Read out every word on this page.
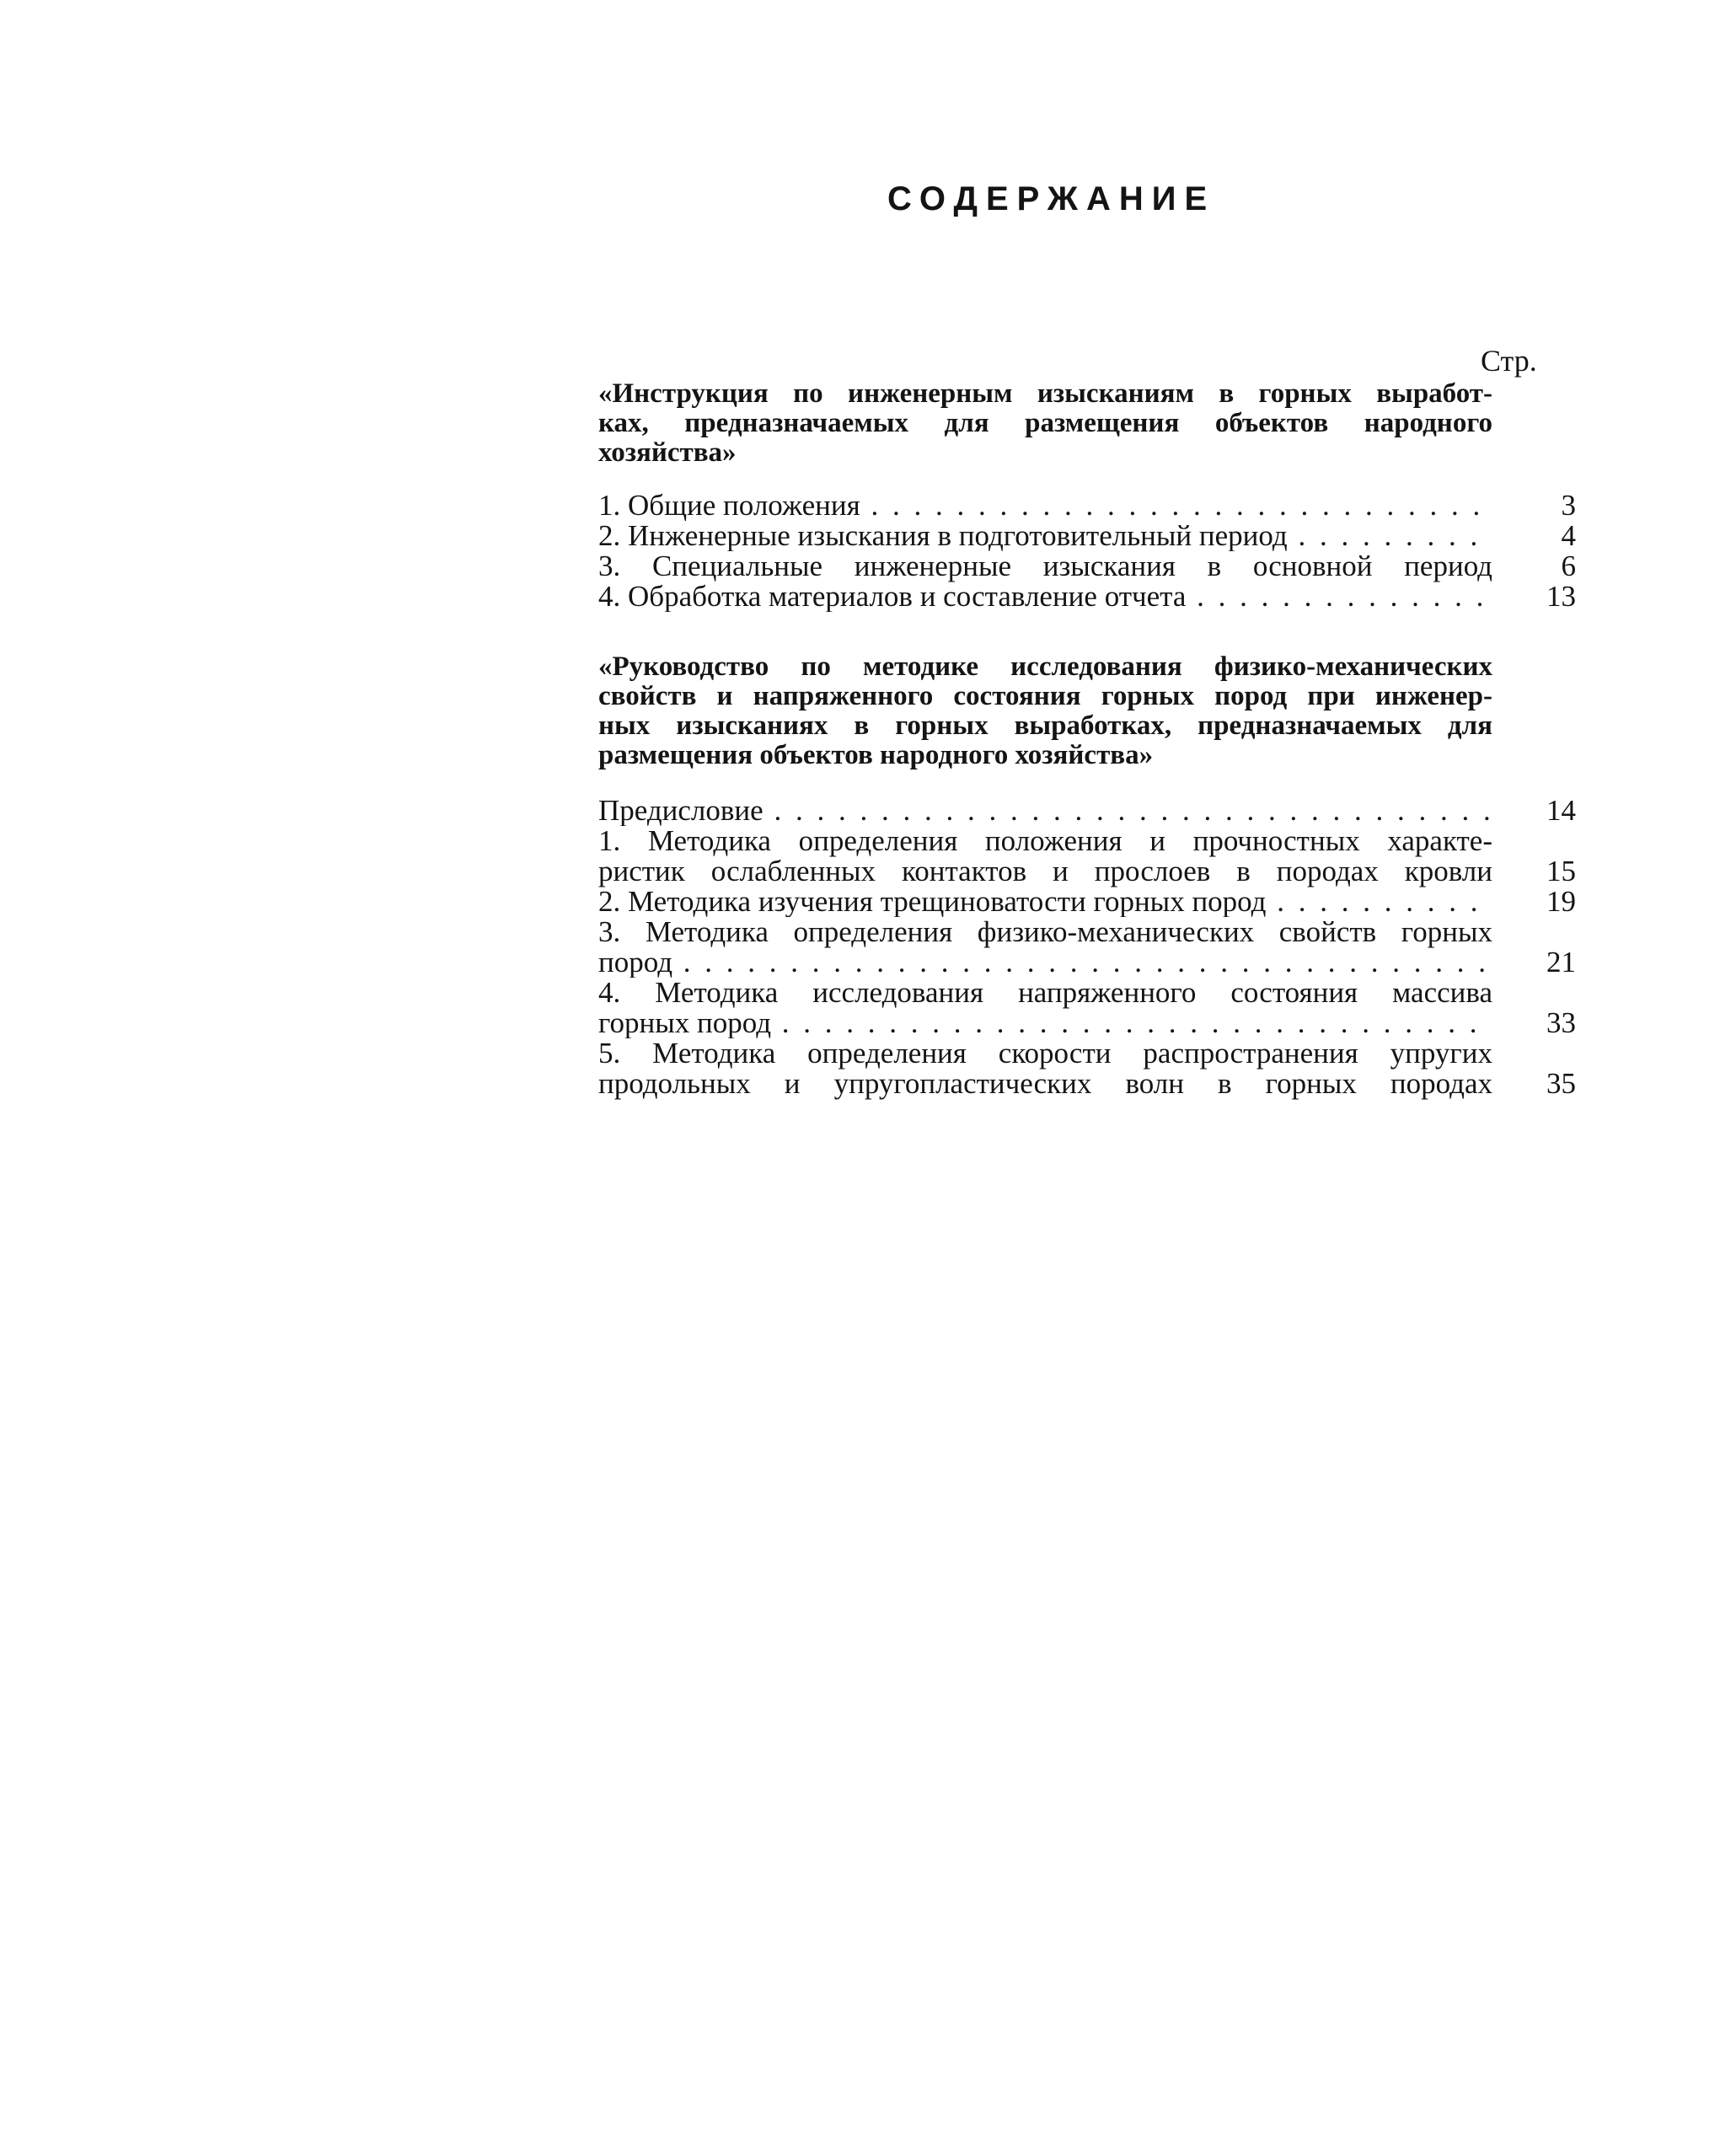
СОДЕРЖАНИЕ
Стр.
«Инструкция по инженерным изысканиям в горных выработ-
ках, предназначаемых для размещения объектов народного
хозяйства»
1. Общие положения . . .	3
2. Инженерные изыскания в подготовительный период . . .	4
3. Специальные инженерные изыскания в основной период	6
4. Обработка материалов и составление отчета . . .	13
«Руководство по методике исследования физико-механических
свойств и напряженного состояния горных пород при инженер-
ных изысканиях в горных выработках, предназначаемых для
размещения объектов народного хозяйства»
Предисловие . . .	14
1. Методика определения положения и прочностных характе-
ристик ослабленных контактов и прослоев в породах кровли	15
2. Методика изучения трещиноватости горных пород . . .	19
3. Методика определения физико-механических свойств горных
пород . . .	21
4. Методика исследования напряженного состояния массива
горных пород . . .	33
5. Методика определения скорости распространения упругих
продольных и упругопластических волн в горных породах	35
